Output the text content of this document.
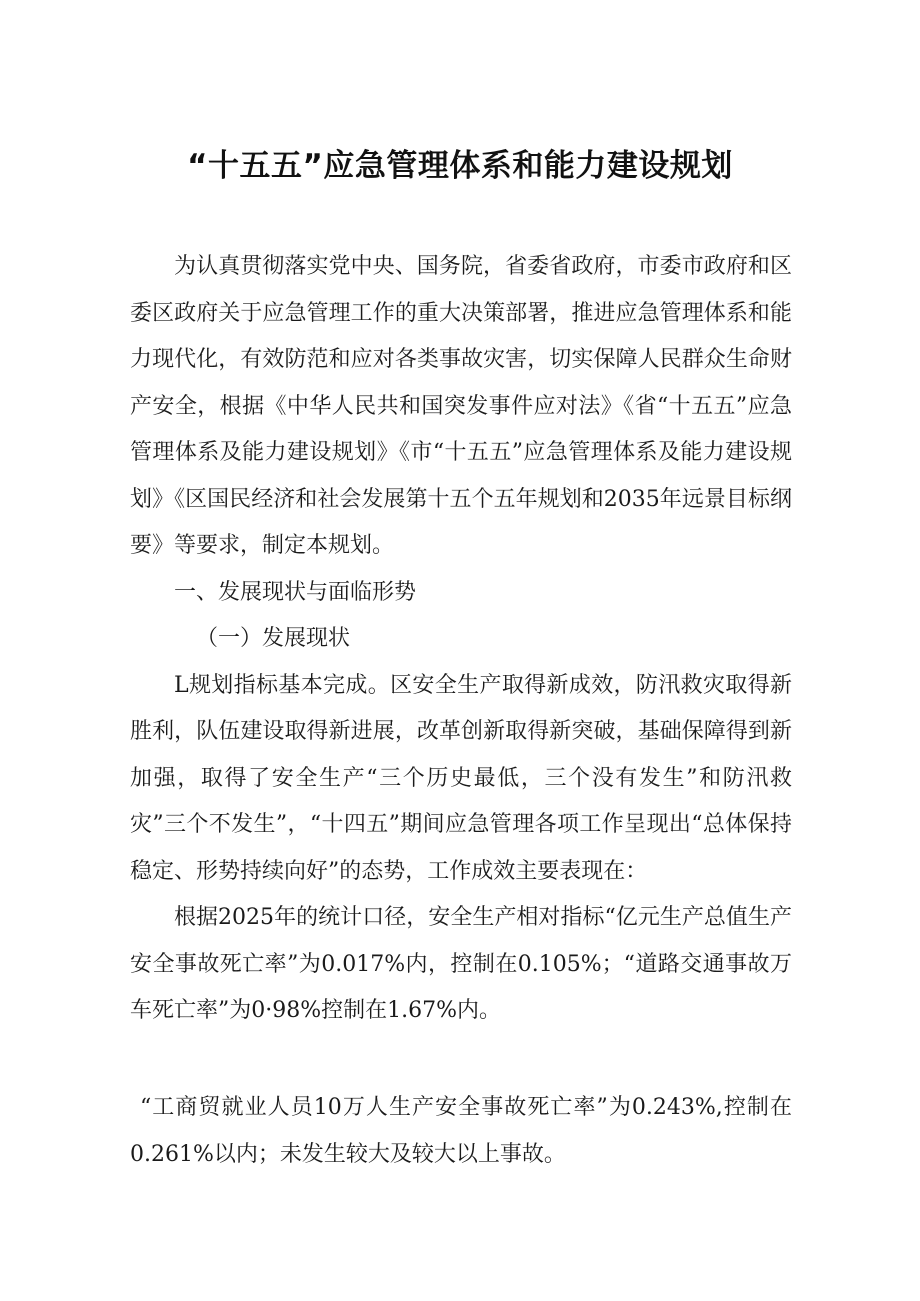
“十五五”应急管理体系和能力建设规划

为认真贯彻落实党中央、国务院，省委省政府，市委市政府和区委区政府关于应急管理工作的重大决策部署，推进应急管理体系和能力现代化，有效防范和应对各类事故灾害，切实保障人民群众生命财产安全，根据《中华人民共和国突发事件应对法》《省“十五五”应急管理体系及能力建设规划》《市“十五五”应急管理体系及能力建设规划》《区国民经济和社会发展第十五个五年规划和2035年远景目标纲要》等要求，制定本规划。

一、发展现状与面临形势

（一）发展现状

L规划指标基本完成。区安全生产取得新成效，防汛救灾取得新胜利，队伍建设取得新进展，改革创新取得新突破，基础保障得到新加强，取得了安全生产“三个历史最低，三个没有发生”和防汛救灾”三个不发生”，“十四五”期间应急管理各项工作呈现出“总体保持稳定、形势持续向好”的态势，工作成效主要表现在：

根据2025年的统计口径，安全生产相对指标“亿元生产总值生产安全事故死亡率”为0.017%内，控制在0.105%；“道路交通事故万车死亡率”为0·98%控制在1.67%内。

“工商贸就业人员10万人生产安全事故死亡率”为0.243%,控制在0.261%以内；未发生较大及较大以上事故。
